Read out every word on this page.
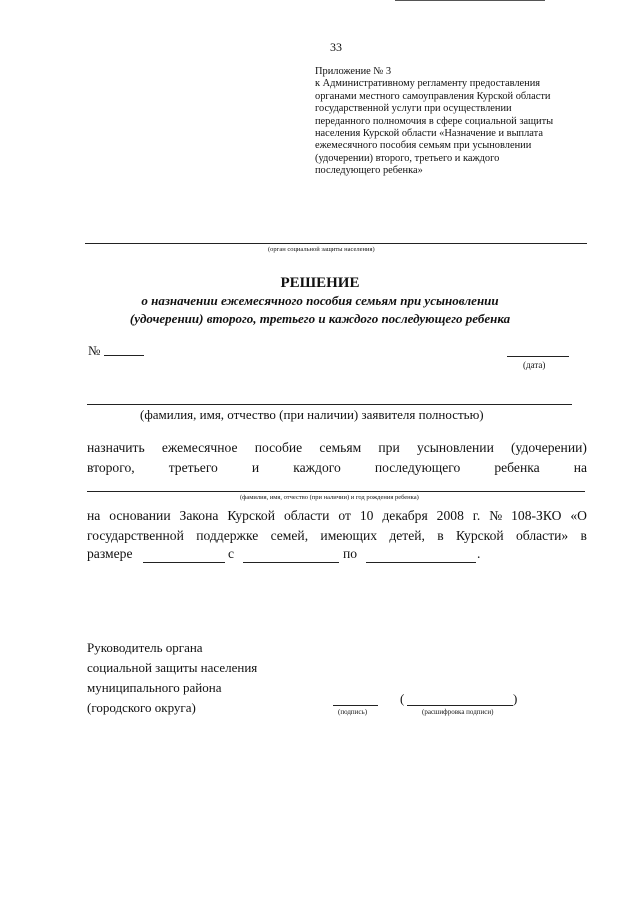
33
Приложение № 3
к Административному регламенту предоставления
органами местного самоуправления Курской области
государственной услуги при осуществлении
переданного полномочия в сфере социальной защиты
населения Курской области «Назначение и выплата
ежемесячного пособия семьям при усыновлении
(удочерении) второго, третьего и каждого
последующего ребенка»
(орган социальной защиты населения)
РЕШЕНИЕ
о назначении ежемесячного пособия семьям при усыновлении
(удочерении) второго, третьего и каждого последующего ребенка
№
(дата)
(фамилия, имя, отчество (при наличии) заявителя полностью)
назначить ежемесячное пособие семьям при усыновлении (удочерении)
второго,	третьего	и	каждого	последующего	ребенка	на
(фамилия, имя, отчество (при наличии) и год рождения ребенка)
на основании Закона Курской области от 10 декабря 2008 г. № 108-ЗКО «О
государственной поддержке семей, имеющих детей, в Курской области» в
размере	с	по	.
Руководитель органа
социальной защиты населения
муниципального района
(городского округа)	(подпись)
(	)
(расшифровка подписи)
